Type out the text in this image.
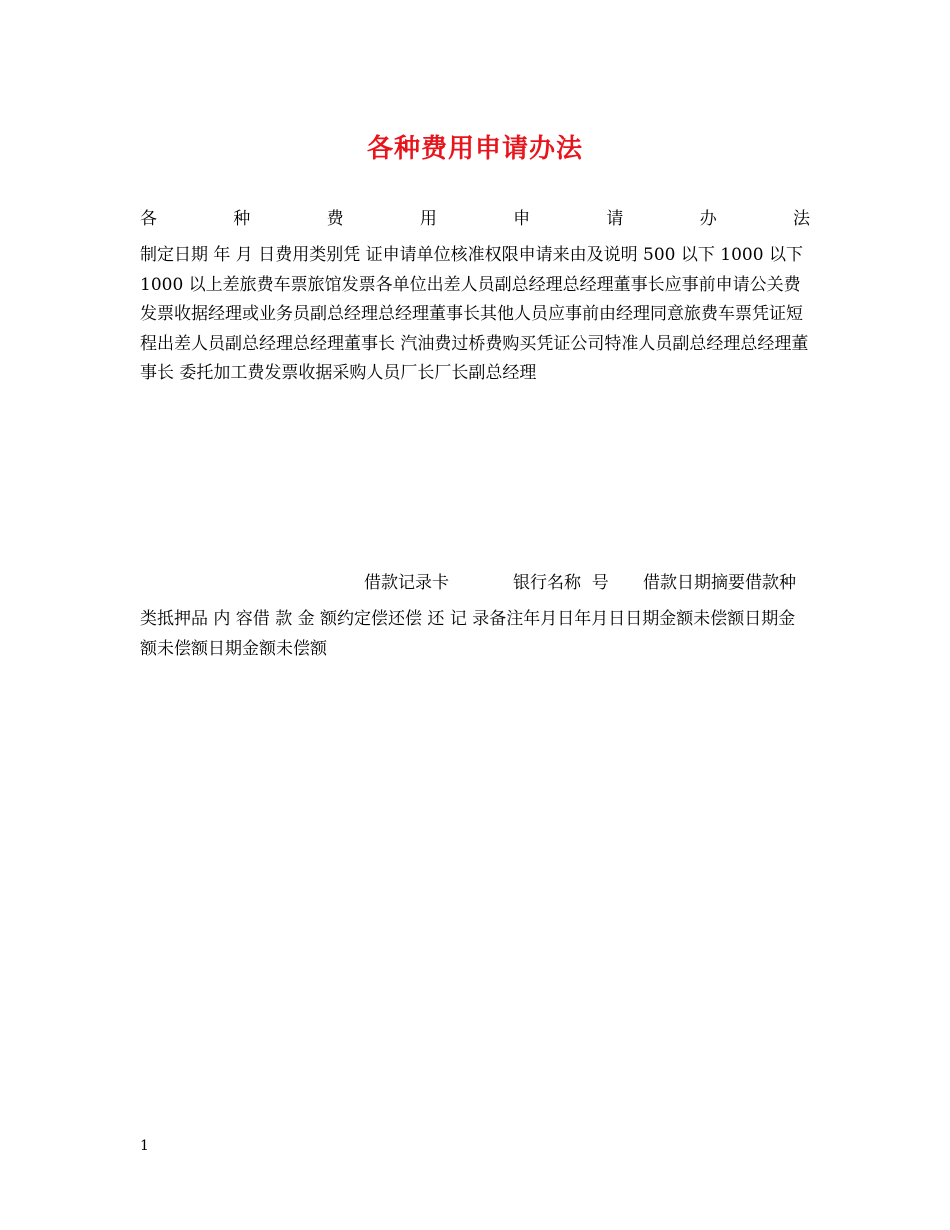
各种费用申请办法
各	种	费	用	申	请	办	法
制定日期 年 月 日费用类别凭 证申请单位核准权限申请来由及说明 500 以下 1000 以下 1000 以上差旅费车票旅馆发票各单位出差人员副总经理总经理董事长应事前申请公关费发票收据经理或业务员副总经理总经理董事长其他人员应事前由经理同意旅费车票凭证短程出差人员副总经理总经理董事长 汽油费过桥费购买凭证公司特准人员副总经理总经理董事长 委托加工费发票收据采购人员厂长厂长副总经理

借款记录卡

	银行名称  号

借款日期摘要借款种

类抵押品 内 容借 款 金 额约定偿还偿 还 记 录备注年月日年月日日期金额未偿额日期金额未偿额日期金额未偿额
1
